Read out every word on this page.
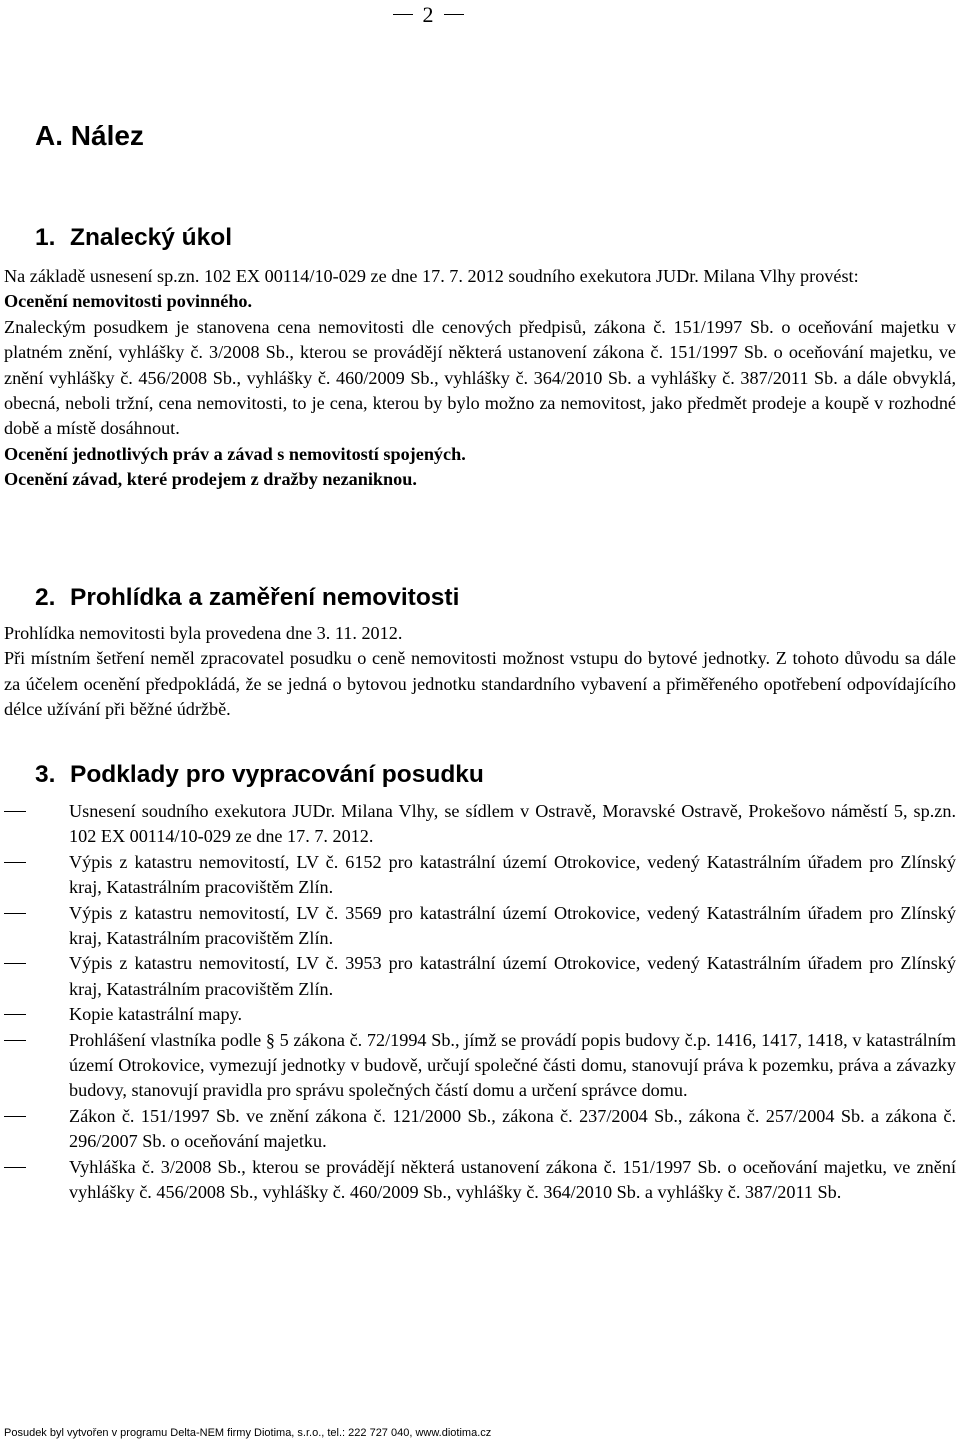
2
A. Nález
1. Znalecký úkol

Na základě usnesení sp.zn. 102 EX 00114/10-029 ze dne 17. 7. 2012 soudního exekutora JUDr. Milana Vlhy provést:

Ocenění nemovitosti povinného.

Znaleckým posudkem je stanovena cena nemovitosti dle cenových předpisů, zákona č. 151/1997 Sb. o oceňování majetku v platném znění, vyhlášky č. 3/2008 Sb., kterou se provádějí některá ustanovení zákona č. 151/1997 Sb. o oceňování majetku, ve znění vyhlášky č. 456/2008 Sb., vyhlášky č. 460/2009 Sb., vyhlášky č. 364/2010 Sb. a vyhlášky č. 387/2011 Sb. a dále obvyklá, obecná, neboli tržní, cena nemovitosti, to je cena, kterou by bylo možno za nemovitost, jako předmět prodeje a koupě v rozhodné době a místě dosáhnout.

Ocenění jednotlivých práv a závad s nemovitostí spojených.

Ocenění závad, které prodejem z dražby nezaniknou.

2. Prohlídka a zaměření nemovitosti

Prohlídka nemovitosti byla provedena dne 3. 11. 2012.

Při místním šetření neměl zpracovatel posudku o ceně nemovitosti možnost vstupu do bytové jednotky. Z tohoto důvodu sa dále za účelem ocenění předpokládá, že se jedná o bytovou jednotku standardního vybavení a přiměřeného opotřebení odpovídajícího délce užívání při běžné údržbě.

3. Podklady pro vypracování posudku
Usnesení soudního exekutora JUDr. Milana Vlhy, se sídlem v Ostravě, Moravské Ostravě, Prokešovo náměstí 5, sp.zn. 102 EX 00114/10-029 ze dne 17. 7. 2012.
Výpis z katastru nemovitostí, LV č. 6152 pro katastrální území Otrokovice, vedený Katastrálním úřadem pro Zlínský kraj, Katastrálním pracovištěm Zlín.
Výpis z katastru nemovitostí, LV č. 3569 pro katastrální území Otrokovice, vedený Katastrálním úřadem pro Zlínský kraj, Katastrálním pracovištěm Zlín.
Výpis z katastru nemovitostí, LV č. 3953 pro katastrální území Otrokovice, vedený Katastrálním úřadem pro Zlínský kraj, Katastrálním pracovištěm Zlín.
Kopie katastrální mapy.
Prohlášení vlastníka podle § 5 zákona č. 72/1994 Sb., jímž se provádí popis budovy č.p. 1416, 1417, 1418, v katastrálním území Otrokovice, vymezují jednotky v budově, určují společné části domu, stanovují práva k pozemku, práva a závazky budovy, stanovují pravidla pro správu společných částí domu a určení správce domu.
Zákon č. 151/1997 Sb. ve znění zákona č. 121/2000 Sb., zákona č. 237/2004 Sb., zákona č. 257/2004 Sb. a zákona č. 296/2007 Sb. o oceňování majetku.
Vyhláška č. 3/2008 Sb., kterou se provádějí některá ustanovení zákona č. 151/1997 Sb. o oceňování majetku, ve znění vyhlášky č. 456/2008 Sb., vyhlášky č. 460/2009 Sb., vyhlášky č. 364/2010 Sb. a vyhlášky č. 387/2011 Sb.
Posudek byl vytvořen v programu Delta-NEM firmy Diotima, s.r.o., tel.: 222 727 040, www.diotima.cz
